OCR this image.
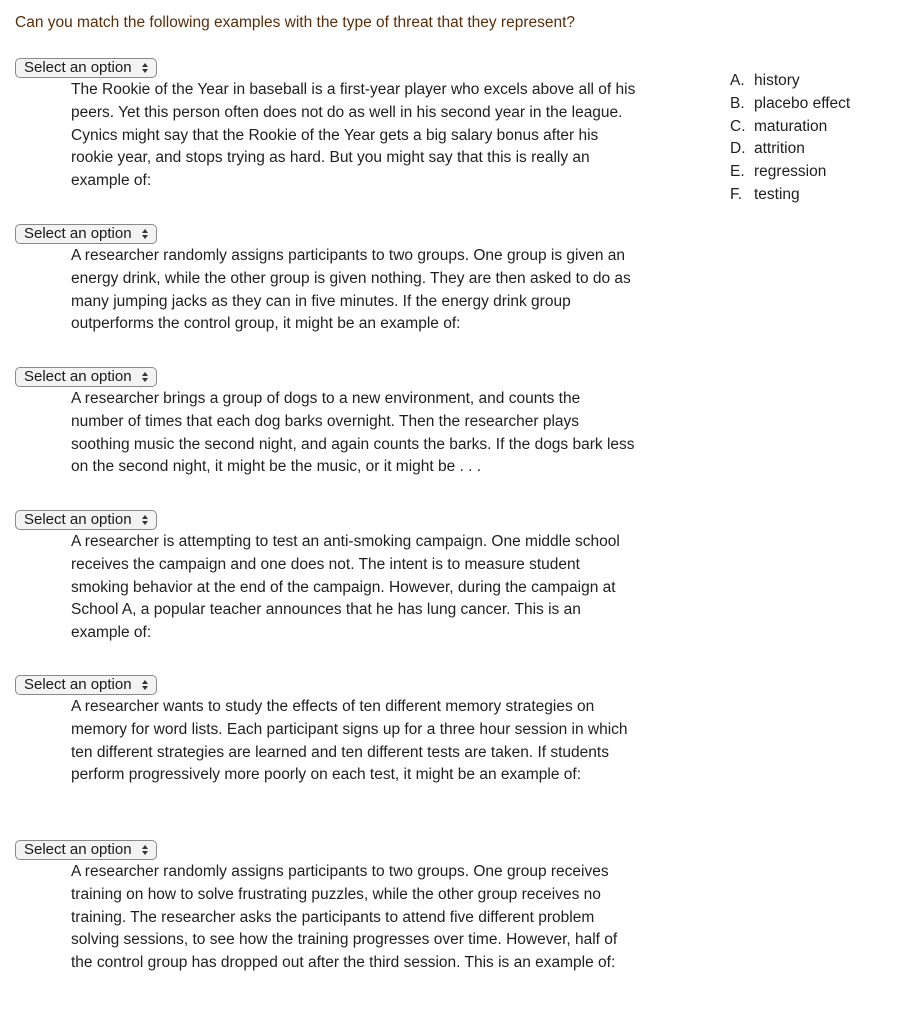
Can you match the following examples with the type of threat that they represent?

Select an option
The Rookie of the Year in baseball is a first-year player who excels above all of his peers. Yet this person often does not do as well in his second year in the league. Cynics might say that the Rookie of the Year gets a big salary bonus after his rookie year, and stops trying as hard. But you might say that this is really an example of:
Select an option
A researcher randomly assigns participants to two groups. One group is given an energy drink, while the other group is given nothing. They are then asked to do as many jumping jacks as they can in five minutes. If the energy drink group outperforms the control group, it might be an example of:
Select an option
A researcher brings a group of dogs to a new environment, and counts the number of times that each dog barks overnight. Then the researcher plays soothing music the second night, and again counts the barks. If the dogs bark less on the second night, it might be the music, or it might be . . .
Select an option
A researcher is attempting to test an anti-smoking campaign. One middle school receives the campaign and one does not. The intent is to measure student smoking behavior at the end of the campaign. However, during the campaign at School A, a popular teacher announces that he has lung cancer. This is an example of:
Select an option
A researcher wants to study the effects of ten different memory strategies on memory for word lists. Each participant signs up for a three hour session in which ten different strategies are learned and ten different tests are taken. If students perform progressively more poorly on each test, it might be an example of:
Select an option
A researcher randomly assigns participants to two groups. One group receives training on how to solve frustrating puzzles, while the other group receives no training. The researcher asks the participants to attend five different problem solving sessions, to see how the training progresses over time. However, half of the control group has dropped out after the third session. This is an example of:
A. history
B. placebo effect
C. maturation
D. attrition
E. regression
F. testing
